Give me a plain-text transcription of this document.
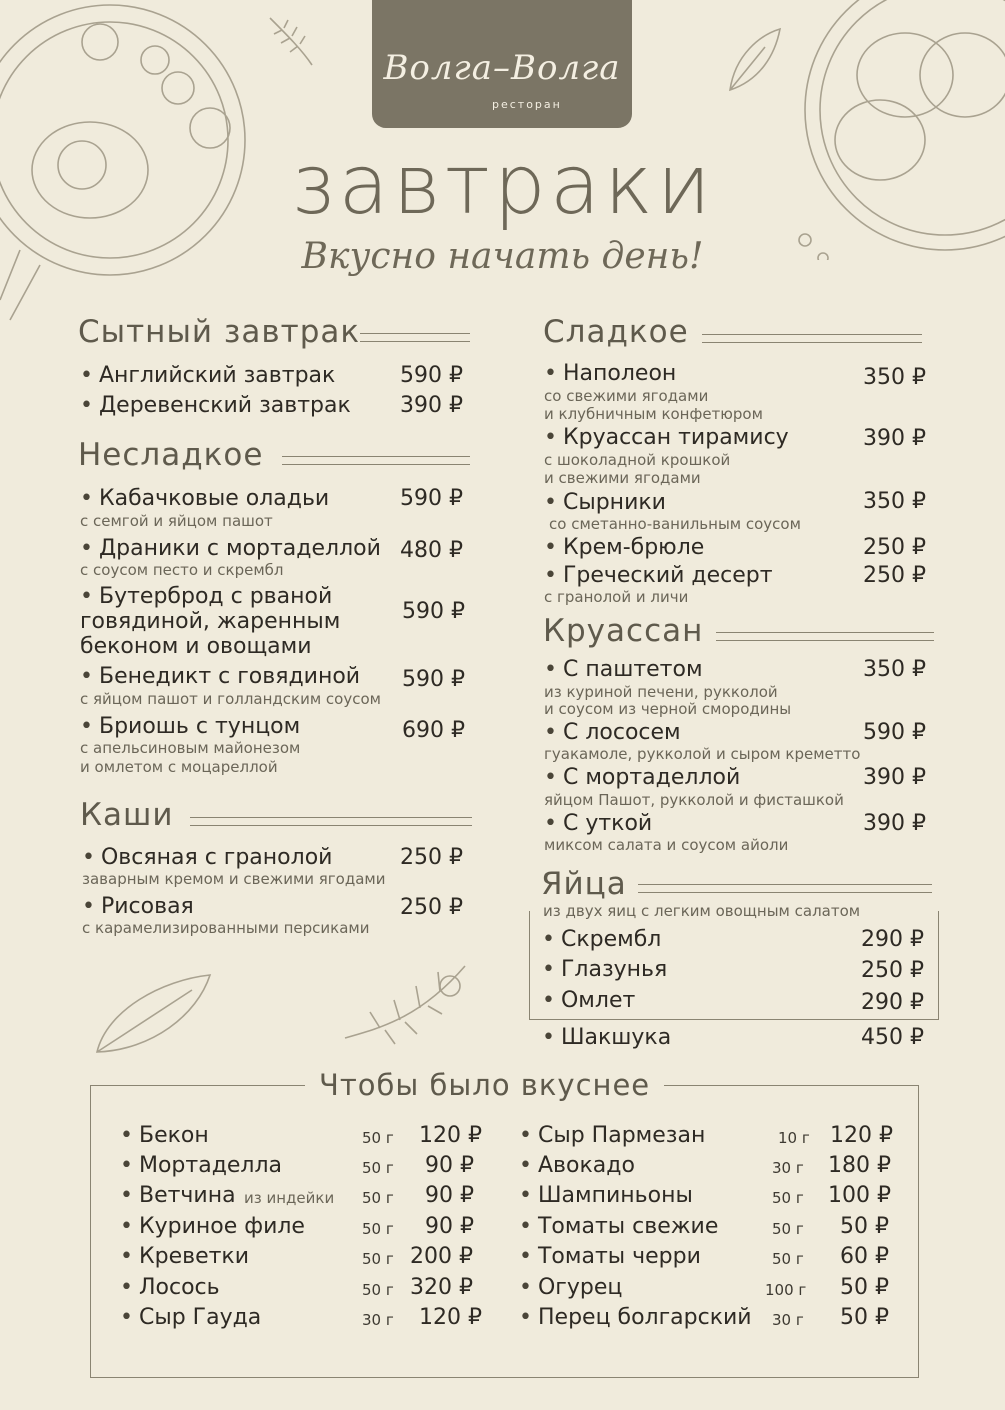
Волга–Волга
ресторан
завтраки
Вкусно начать день!
Сытный завтрак
• Английский завтрак	590 ₽
• Деревенский завтрак 390 ₽
Несладкое
• Кабачковые оладьи	590 ₽
с семгой и яйцом пашот
• Драники с мортаделлой 480 ₽
с соусом песто и скрембл
• Бутерброд с рваной
говядиной, жаренным
беконом и овощами
590 ₽
• Бенедикт с говядиной 590 ₽
с яйцом пашот и голландским соусом
• Бриошь с тунцом	690 ₽
с апельсиновым майонезом
и омлетом с моцареллой
Каши
• Овсяная с гранолой	250 ₽
заварным кремом и свежими ягодами
• Рисовая	250 ₽
с карамелизированными персиками
Сладкое
• Наполеон	350 ₽
со свежими ягодами
и клубничным конфетюром
• Круассан тирамису	390 ₽
с шоколадной крошкой
и свежими ягодами
• Сырники	350 ₽
со сметанно-ванильным соусом
• Крем-брюле	250 ₽
• Греческий десерт	250 ₽
с гранолой и личи
Круассан
• С паштетом	350 ₽
из куриной печени, рукколой
и соусом из черной смородины
• С лососем	590 ₽
гуакамоле, рукколой и сыром креметто
• С мортаделлой	390 ₽
яйцом Пашот, рукколой и фисташкой
• С уткой	390 ₽
миксом салата и соусом айоли
Яйца
из двух яиц с легким овощным салатом
• Скрембл	290 ₽
• Глазунья	250 ₽
• Омлет	290 ₽
• Шакшука	450 ₽
Чтобы было вкуснее
• Бекон	50 г 120 ₽
• Мортаделла	50 г 90 ₽
• Ветчина из индейки 50 г 90 ₽
• Куриное филе	50 г 90 ₽
• Креветки	50 г 200 ₽
• Лосось	50 г 320 ₽
• Сыр Гауда	30 г 120 ₽
• Сыр Пармезан	10 г 120 ₽
• Авокадо	30 г 180 ₽
• Шампиньоны	50 г 100 ₽
• Томаты свежие	50 г 50 ₽
• Томаты черри	50 г 60 ₽
• Огурец	100 г 50 ₽
• Перец болгарский 30 г 50 ₽
